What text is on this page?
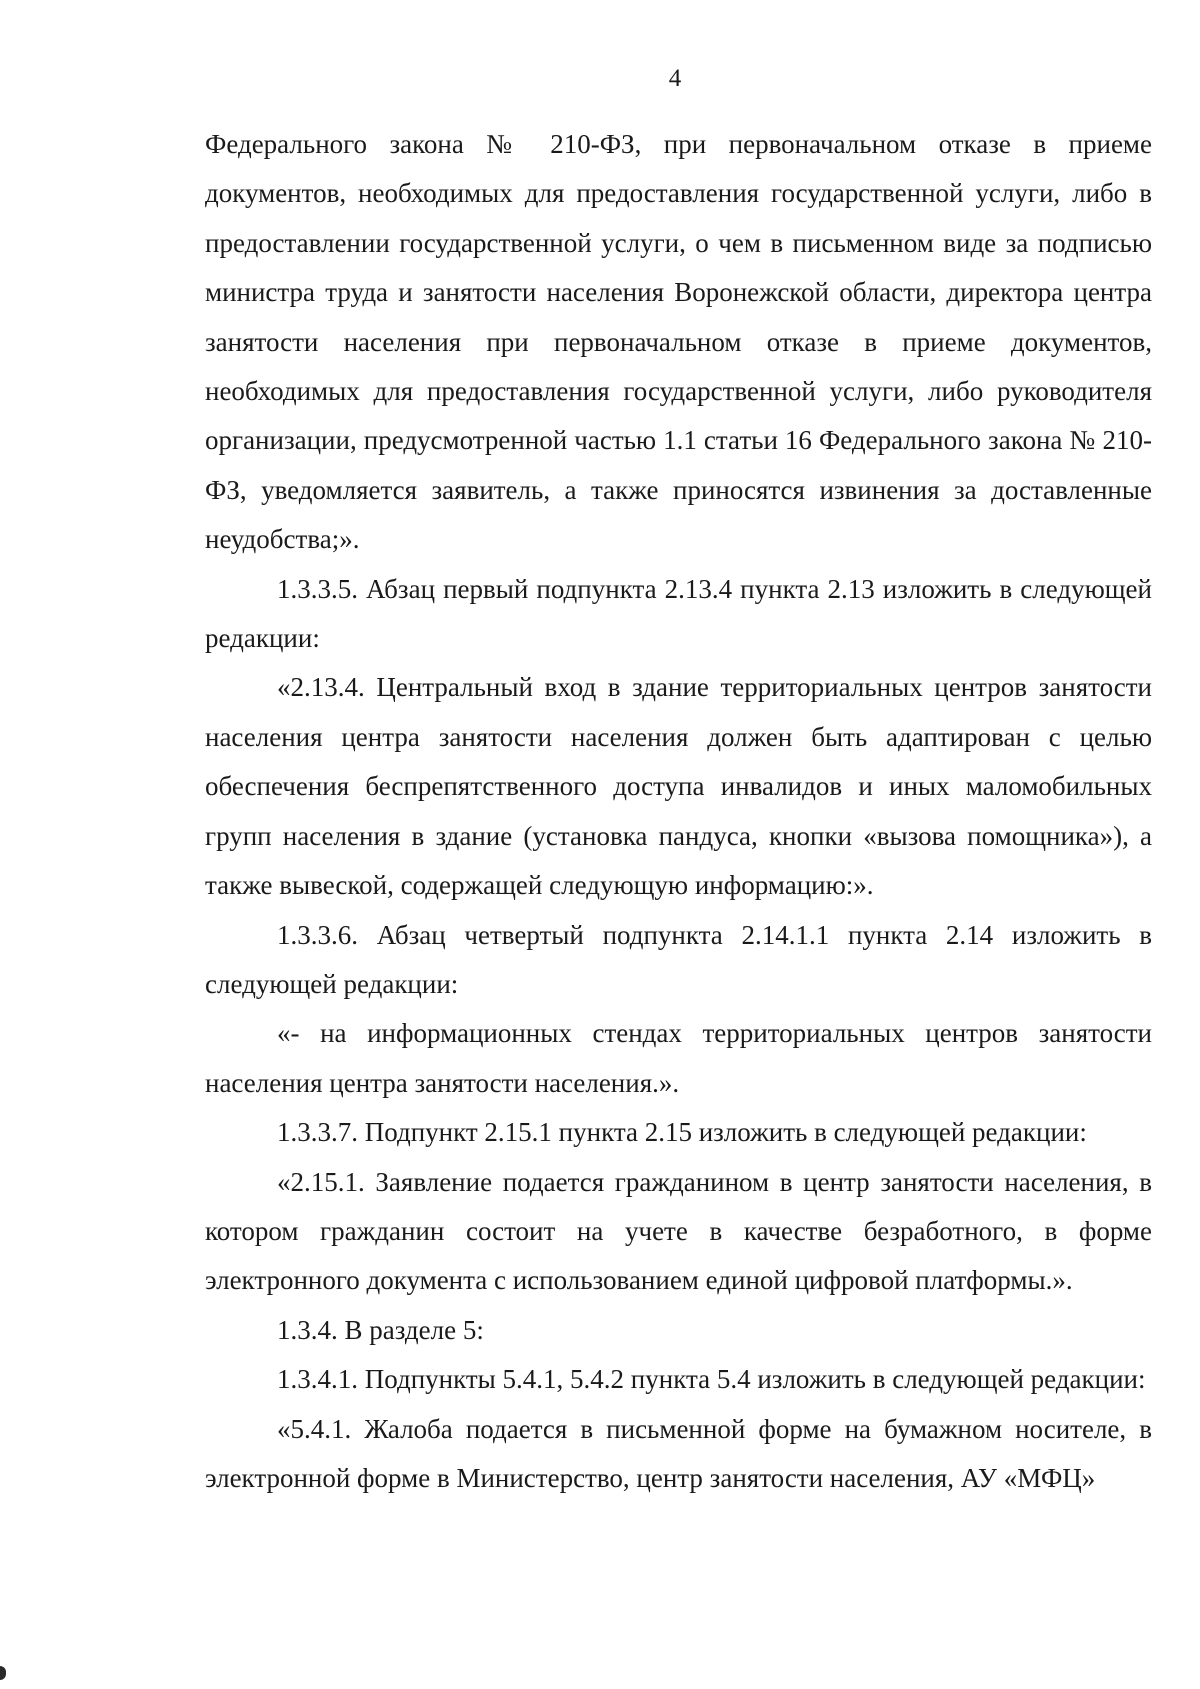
4

Федерального закона № 210-ФЗ, при первоначальном отказе в приеме документов, необходимых для предоставления государственной услуги, либо в предоставлении государственной услуги, о чем в письменном виде за подписью министра труда и занятости населения Воронежской области, директора центра занятости населения при первоначальном отказе в приеме документов, необходимых для предоставления государственной услуги, либо руководителя организации, предусмотренной частью 1.1 статьи 16 Федерального закона № 210-ФЗ, уведомляется заявитель, а также приносятся извинения за доставленные неудобства;».

1.3.3.5. Абзац первый подпункта 2.13.4 пункта 2.13 изложить в следующей редакции:

«2.13.4. Центральный вход в здание территориальных центров занятости населения центра занятости населения должен быть адаптирован с целью обеспечения беспрепятственного доступа инвалидов и иных маломобильных групп населения в здание (установка пандуса, кнопки «вызова помощника»), а также вывеской, содержащей следующую информацию:».

1.3.3.6. Абзац четвертый подпункта 2.14.1.1 пункта 2.14 изложить в следующей редакции:

«- на информационных стендах территориальных центров занятости населения центра занятости населения.».

1.3.3.7. Подпункт 2.15.1 пункта 2.15 изложить в следующей редакции:

«2.15.1. Заявление подается гражданином в центр занятости населения, в котором гражданин состоит на учете в качестве безработного, в форме электронного документа с использованием единой цифровой платформы.».

1.3.4. В разделе 5:

1.3.4.1. Подпункты 5.4.1, 5.4.2 пункта 5.4 изложить в следующей редакции:

«5.4.1. Жалоба подается в письменной форме на бумажном носителе, в электронной форме в Министерство, центр занятости населения, АУ «МФЦ»
